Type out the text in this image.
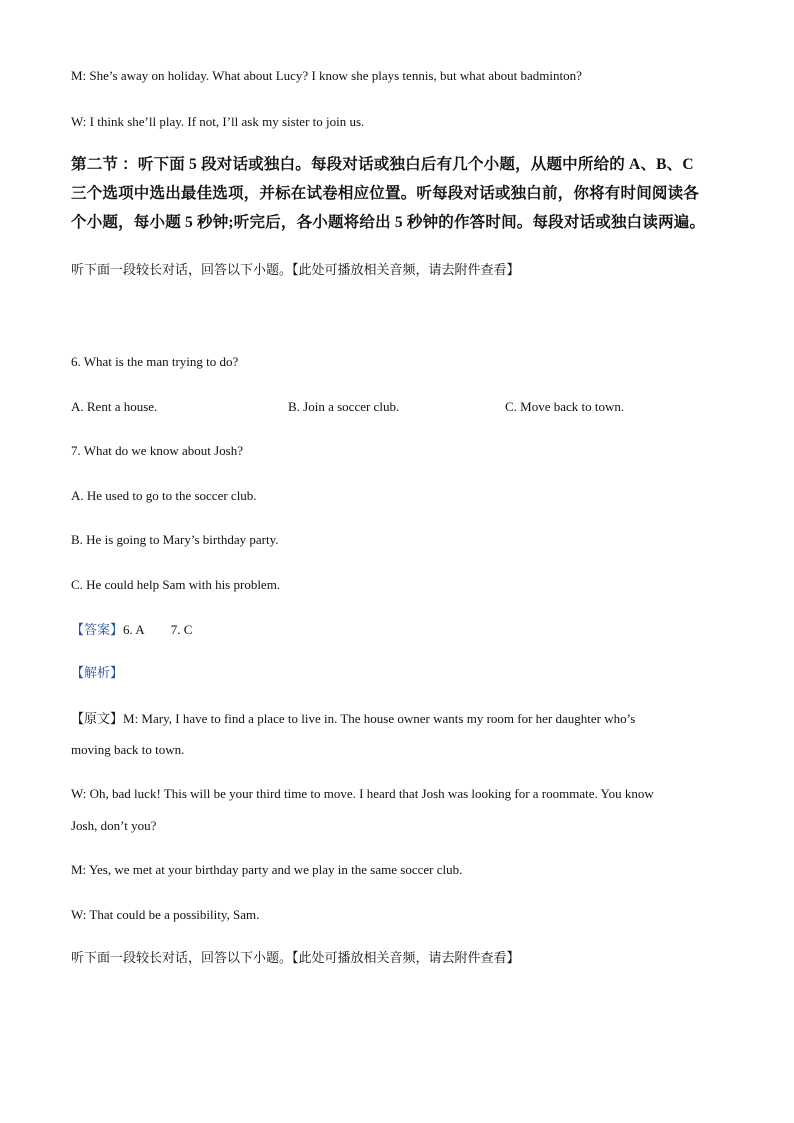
M: She’s away on holiday. What about Lucy? I know she plays tennis, but what about badminton?
W: I think she’ll play. If not, I’ll ask my sister to join us.
第二节 ：听下面 5 段对话或独白。每段对话或独白后有几个小题，从题中所给的 A、B、C
三个选项中选出最佳选项，并标在试卷相应位置。听每段对话或独白前，你将有时间阅读各
个小题，每小题 5 秒钟;听完后，各小题将给出 5 秒钟的作答时间。每段对话或独白读两遍。
听下面一段较长对话，回答以下小题。【此处可播放相关音频，请去附件查看】
6. What is the man trying to do?
A. Rent a house.	B. Join a soccer club.	C. Move back to town.
7. What do we know about Josh?
A. He used to go to the soccer club.
B. He is going to Mary’s birthday party.
C. He could help Sam with his problem.
【答案】6. A 7. C
【解析】
【原文】M: Mary, I have to find a place to live in. The house owner wants my room for her daughter who’s
moving back to town.
W: Oh, bad luck! This will be your third time to move. I heard that Josh was looking for a roommate. You know
Josh, don’t you?
M: Yes, we met at your birthday party and we play in the same soccer club.
W: That could be a possibility, Sam.
听下面一段较长对话，回答以下小题。【此处可播放相关音频，请去附件查看】
